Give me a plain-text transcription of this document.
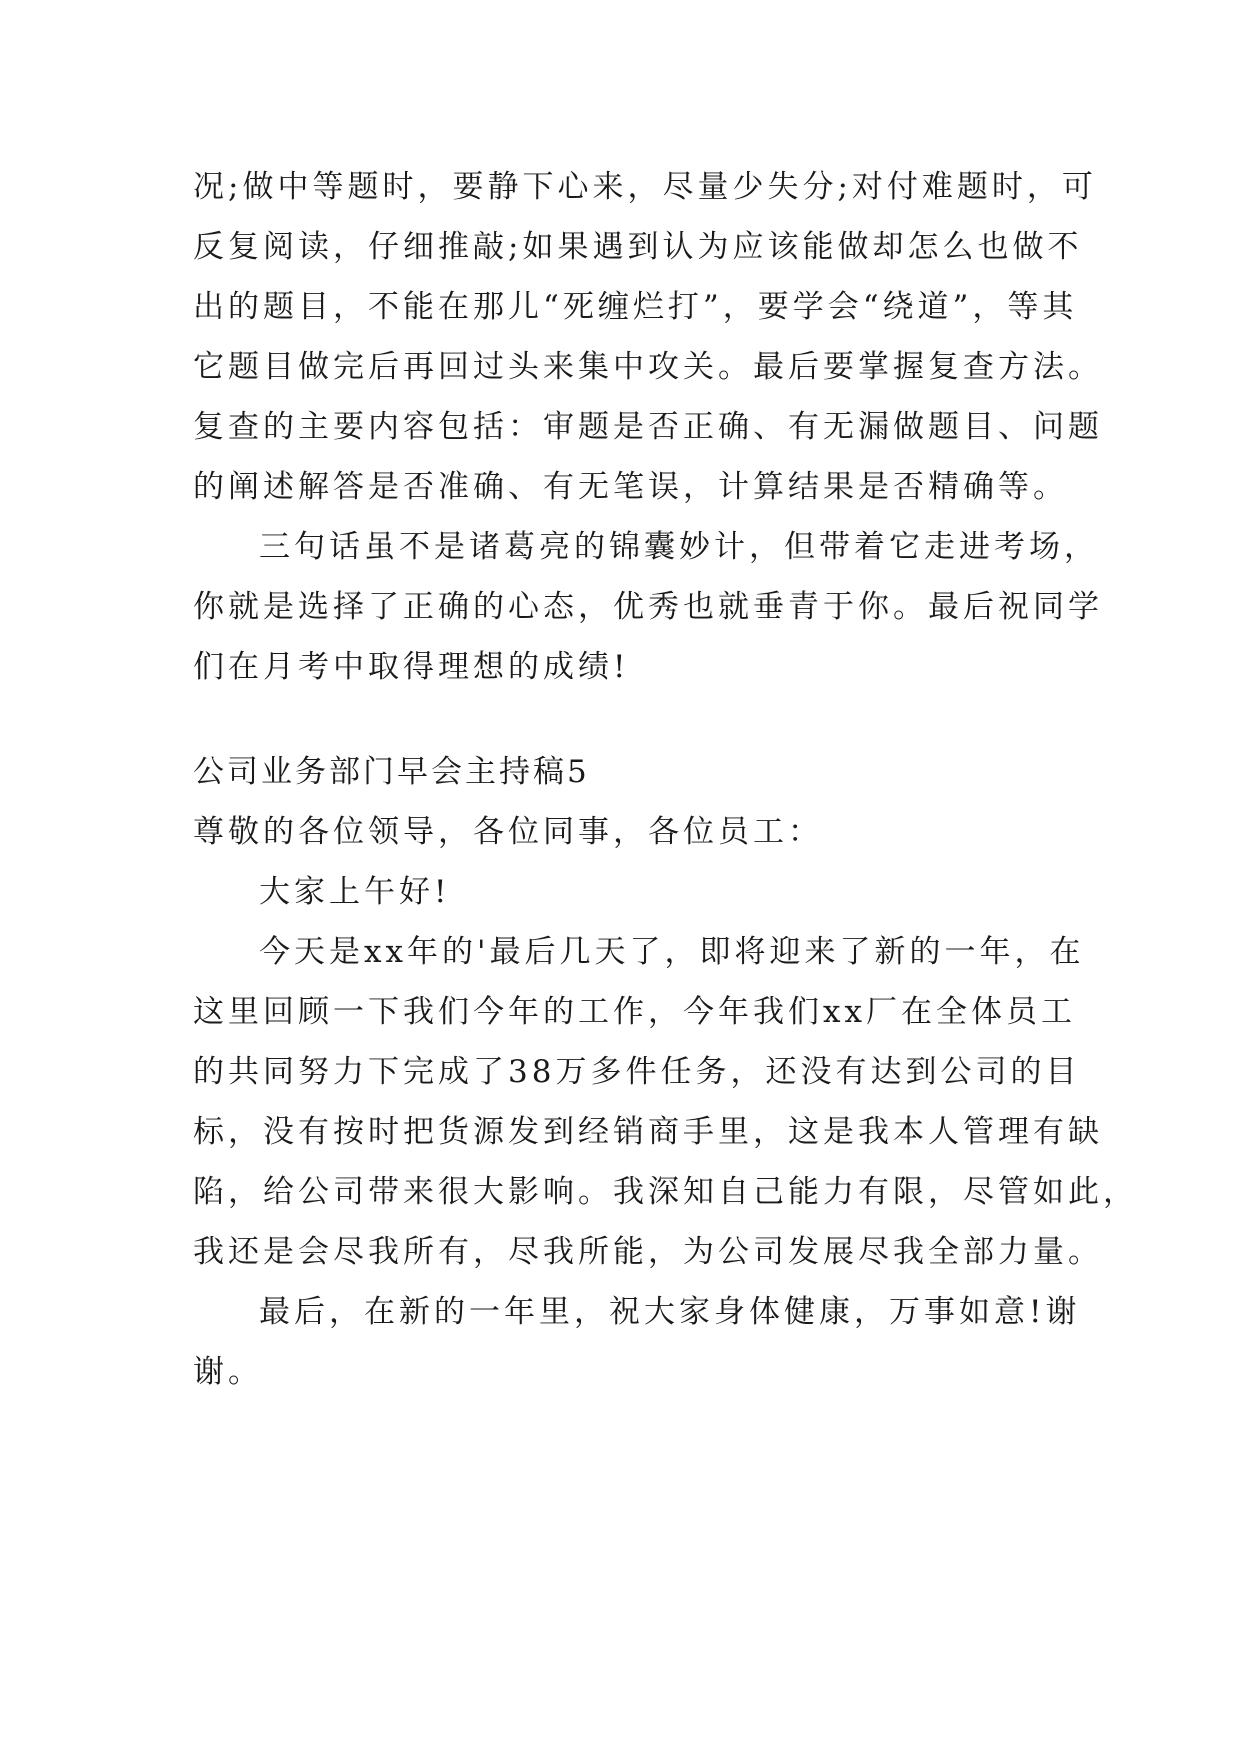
况;做中等题时，要静下心来，尽量少失分;对付难题时，可
反复阅读，仔细推敲;如果遇到认为应该能做却怎么也做不
出的题目，不能在那儿“死缠烂打”，要学会“绕道”，等其
它题目做完后再回过头来集中攻关。最后要掌握复查方法。
复查的主要内容包括：审题是否正确、有无漏做题目、问题
的阐述解答是否准确、有无笔误，计算结果是否精确等。
三句话虽不是诸葛亮的锦囊妙计，但带着它走进考场，
你就是选择了正确的心态，优秀也就垂青于你。最后祝同学
们在月考中取得理想的成绩!
公司业务部门早会主持稿5
尊敬的各位领导，各位同事，各位员工：
大家上午好!
今天是xx年的'最后几天了，即将迎来了新的一年，在
这里回顾一下我们今年的工作，今年我们xx厂在全体员工
的共同努力下完成了38万多件任务，还没有达到公司的目
标，没有按时把货源发到经销商手里，这是我本人管理有缺
陷，给公司带来很大影响。我深知自己能力有限，尽管如此，
我还是会尽我所有，尽我所能，为公司发展尽我全部力量。
最后，在新的一年里，祝大家身体健康，万事如意!谢
谢。
